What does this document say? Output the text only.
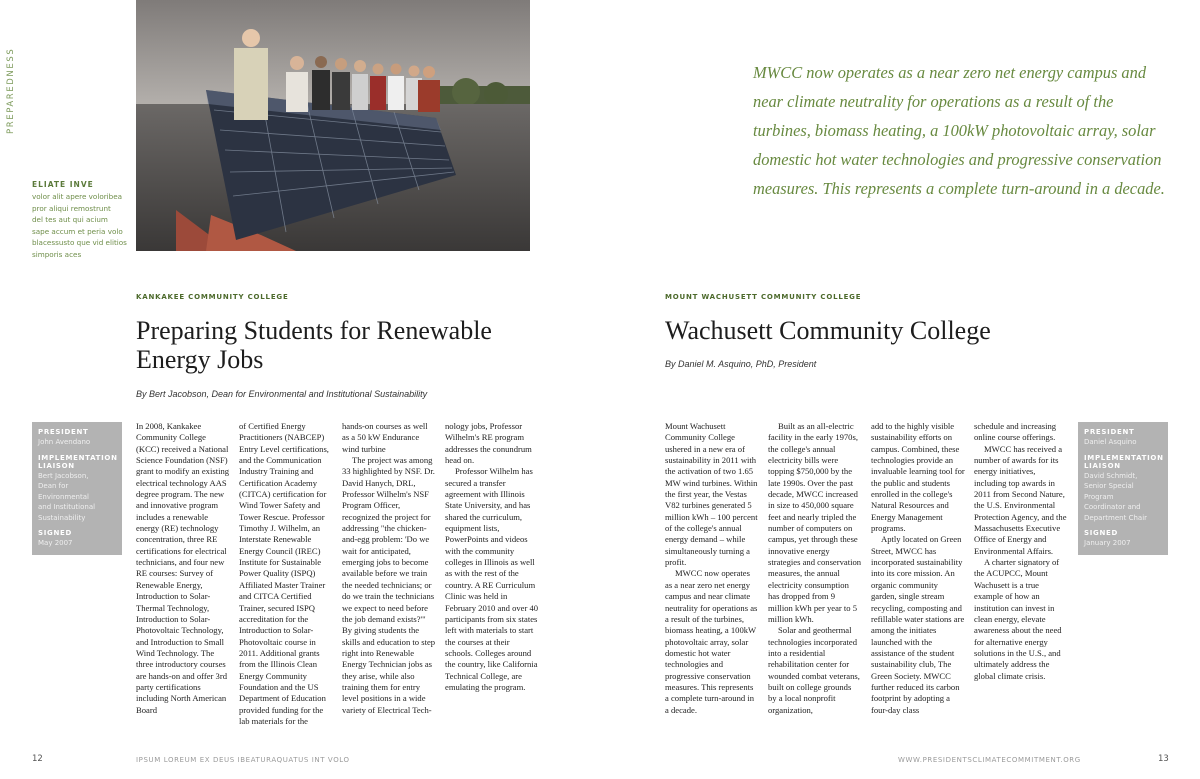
PREPAREDNESS
ELIATE INVE
volor alit apere voloribea
pror aliqui remostrunt
del tes aut qui acium
sape accum et peria volo
blacessusto que vid elitios
simporis aces
MWCC now operates as a near zero net energy campus and near climate neutrality for operations as a result of the turbines, biomass heating, a 100kW photovoltaic array, solar domestic hot water technologies and progressive conservation measures. This represents a complete turn-around in a decade.
KANKAKEE COMMUNITY COLLEGE
Preparing Students for Renewable
Energy Jobs
By Bert Jacobson, Dean for Environmental and Institutional Sustainability
PRESIDENT
John Avendano
IMPLEMENTATION
LIAISON
Bert Jacobson,
Dean for Environmental
and Institutional
Sustainability
SIGNED
May 2007

In 2008, Kankakee Community College (KCC) received a National Science Foundation (NSF) grant to modify an existing electrical technology AAS degree program. The new and innovative program includes a renewable energy (RE) technology concentration, three RE certifications for electrical technicians, and four new RE courses: Survey of Renewable Energy, Introduction to Solar-Thermal Technology, Introduction to Solar-Photovoltaic Technology, and Introduction to Small Wind Technology. The three introductory courses are hands-on and offer 3rd party certifications including North American Board

of Certified Energy Practitioners (NABCEP) Entry Level certifications, and the Communication Industry Training and Certification Academy (CITCA) certification for Wind Tower Safety and Tower Rescue. Professor Timothy J. Wilhelm, an Interstate Renewable Energy Council (IREC) Institute for Sustainable Power Quality (ISPQ) Affiliated Master Trainer and CITCA Certified Trainer, secured ISPQ accreditation for the Introduction to Solar-Photovoltaic course in 2011. Additional grants from the Illinois Clean Energy Community Foundation and the US Department of Education provided funding for the lab materials for the

hands-on courses as well as a 50 kW Endurance wind turbine

The project was among 33 highlighted by NSF. Dr. David Hanych, DRL, Professor Wilhelm's NSF Program Officer, recognized the project for addressing "the chicken-and-egg problem: 'Do we wait for anticipated, emerging jobs to become available before we train the needed technicians; or do we train the technicians we expect to need before the job demand exists?'" By giving students the skills and education to step right into Renewable Energy Technician jobs as they arise, while also training them for entry level positions in a wide variety of Electrical Tech-

nology jobs, Professor Wilhelm's RE program addresses the conundrum head on.

Professor Wilhelm has secured a transfer agreement with Illinois State University, and has shared the curriculum, equipment lists, PowerPoints and videos with the community colleges in Illinois as well as with the rest of the country. A RE Curriculum Clinic was held in February 2010 and over 40 participants from six states left with materials to start the courses at their schools. Colleges around the country, like California Technical College, are emulating the program.

MOUNT WACHUSETT COMMUNITY COLLEGE
Wachusett Community College
By Daniel M. Asquino, PhD, President

Mount Wachusett Community College ushered in a new era of sustainability in 2011 with the activation of two 1.65 MW wind turbines. Within the first year, the Vestas V82 turbines generated 5 million kWh – 100 percent of the college's annual energy demand – while simultaneously turning a profit.

MWCC now operates as a near zero net energy campus and near climate neutrality for operations as a result of the turbines, biomass heating, a 100kW photovoltaic array, solar domestic hot water technologies and progressive conservation measures. This represents a complete turn-around in a decade.

Built as an all-electric facility in the early 1970s, the college's annual electricity bills were topping $750,000 by the late 1990s. Over the past decade, MWCC increased in size to 450,000 square feet and nearly tripled the number of computers on campus, yet through these innovative energy strategies and conservation measures, the annual electricity consumption has dropped from 9 million kWh per year to 5 million kWh.

Solar and geothermal technologies incorporated into a residential rehabilitation center for wounded combat veterans, built on college grounds by a local nonprofit organization,

add to the highly visible sustainability efforts on campus. Combined, these technologies provide an invaluable learning tool for the public and students enrolled in the college's Natural Resources and Energy Management programs.

Aptly located on Green Street, MWCC has incorporated sustainability into its core mission. An organic community garden, single stream recycling, composting and refillable water stations are among the initiates launched with the assistance of the student sustainability club, The Green Society. MWCC further reduced its carbon footprint by adopting a four-day class

schedule and increasing online course offerings.

MWCC has received a number of awards for its energy initiatives, including top awards in 2011 from Second Nature, the U.S. Environmental Protection Agency, and the Massachusetts Executive Office of Energy and Environmental Affairs.

A charter signatory of the ACUPCC, Mount Wachusett is a true example of how an institution can invest in clean energy, elevate awareness about the need for alternative energy solutions in the U.S., and ultimately address the global climate crisis.

PRESIDENT
Daniel Asquino
IMPLEMENTATION
LIAISON
David Schmidt,
Senior Special Program
Coordinator and
Department Chair
SIGNED
January 2007
12	IPSUM LOREUM EX DEUS IBEATURAQUATUS INT VOLO	WWW.PRESIDENTSCLIMATECOMMITMENT.ORG	13
